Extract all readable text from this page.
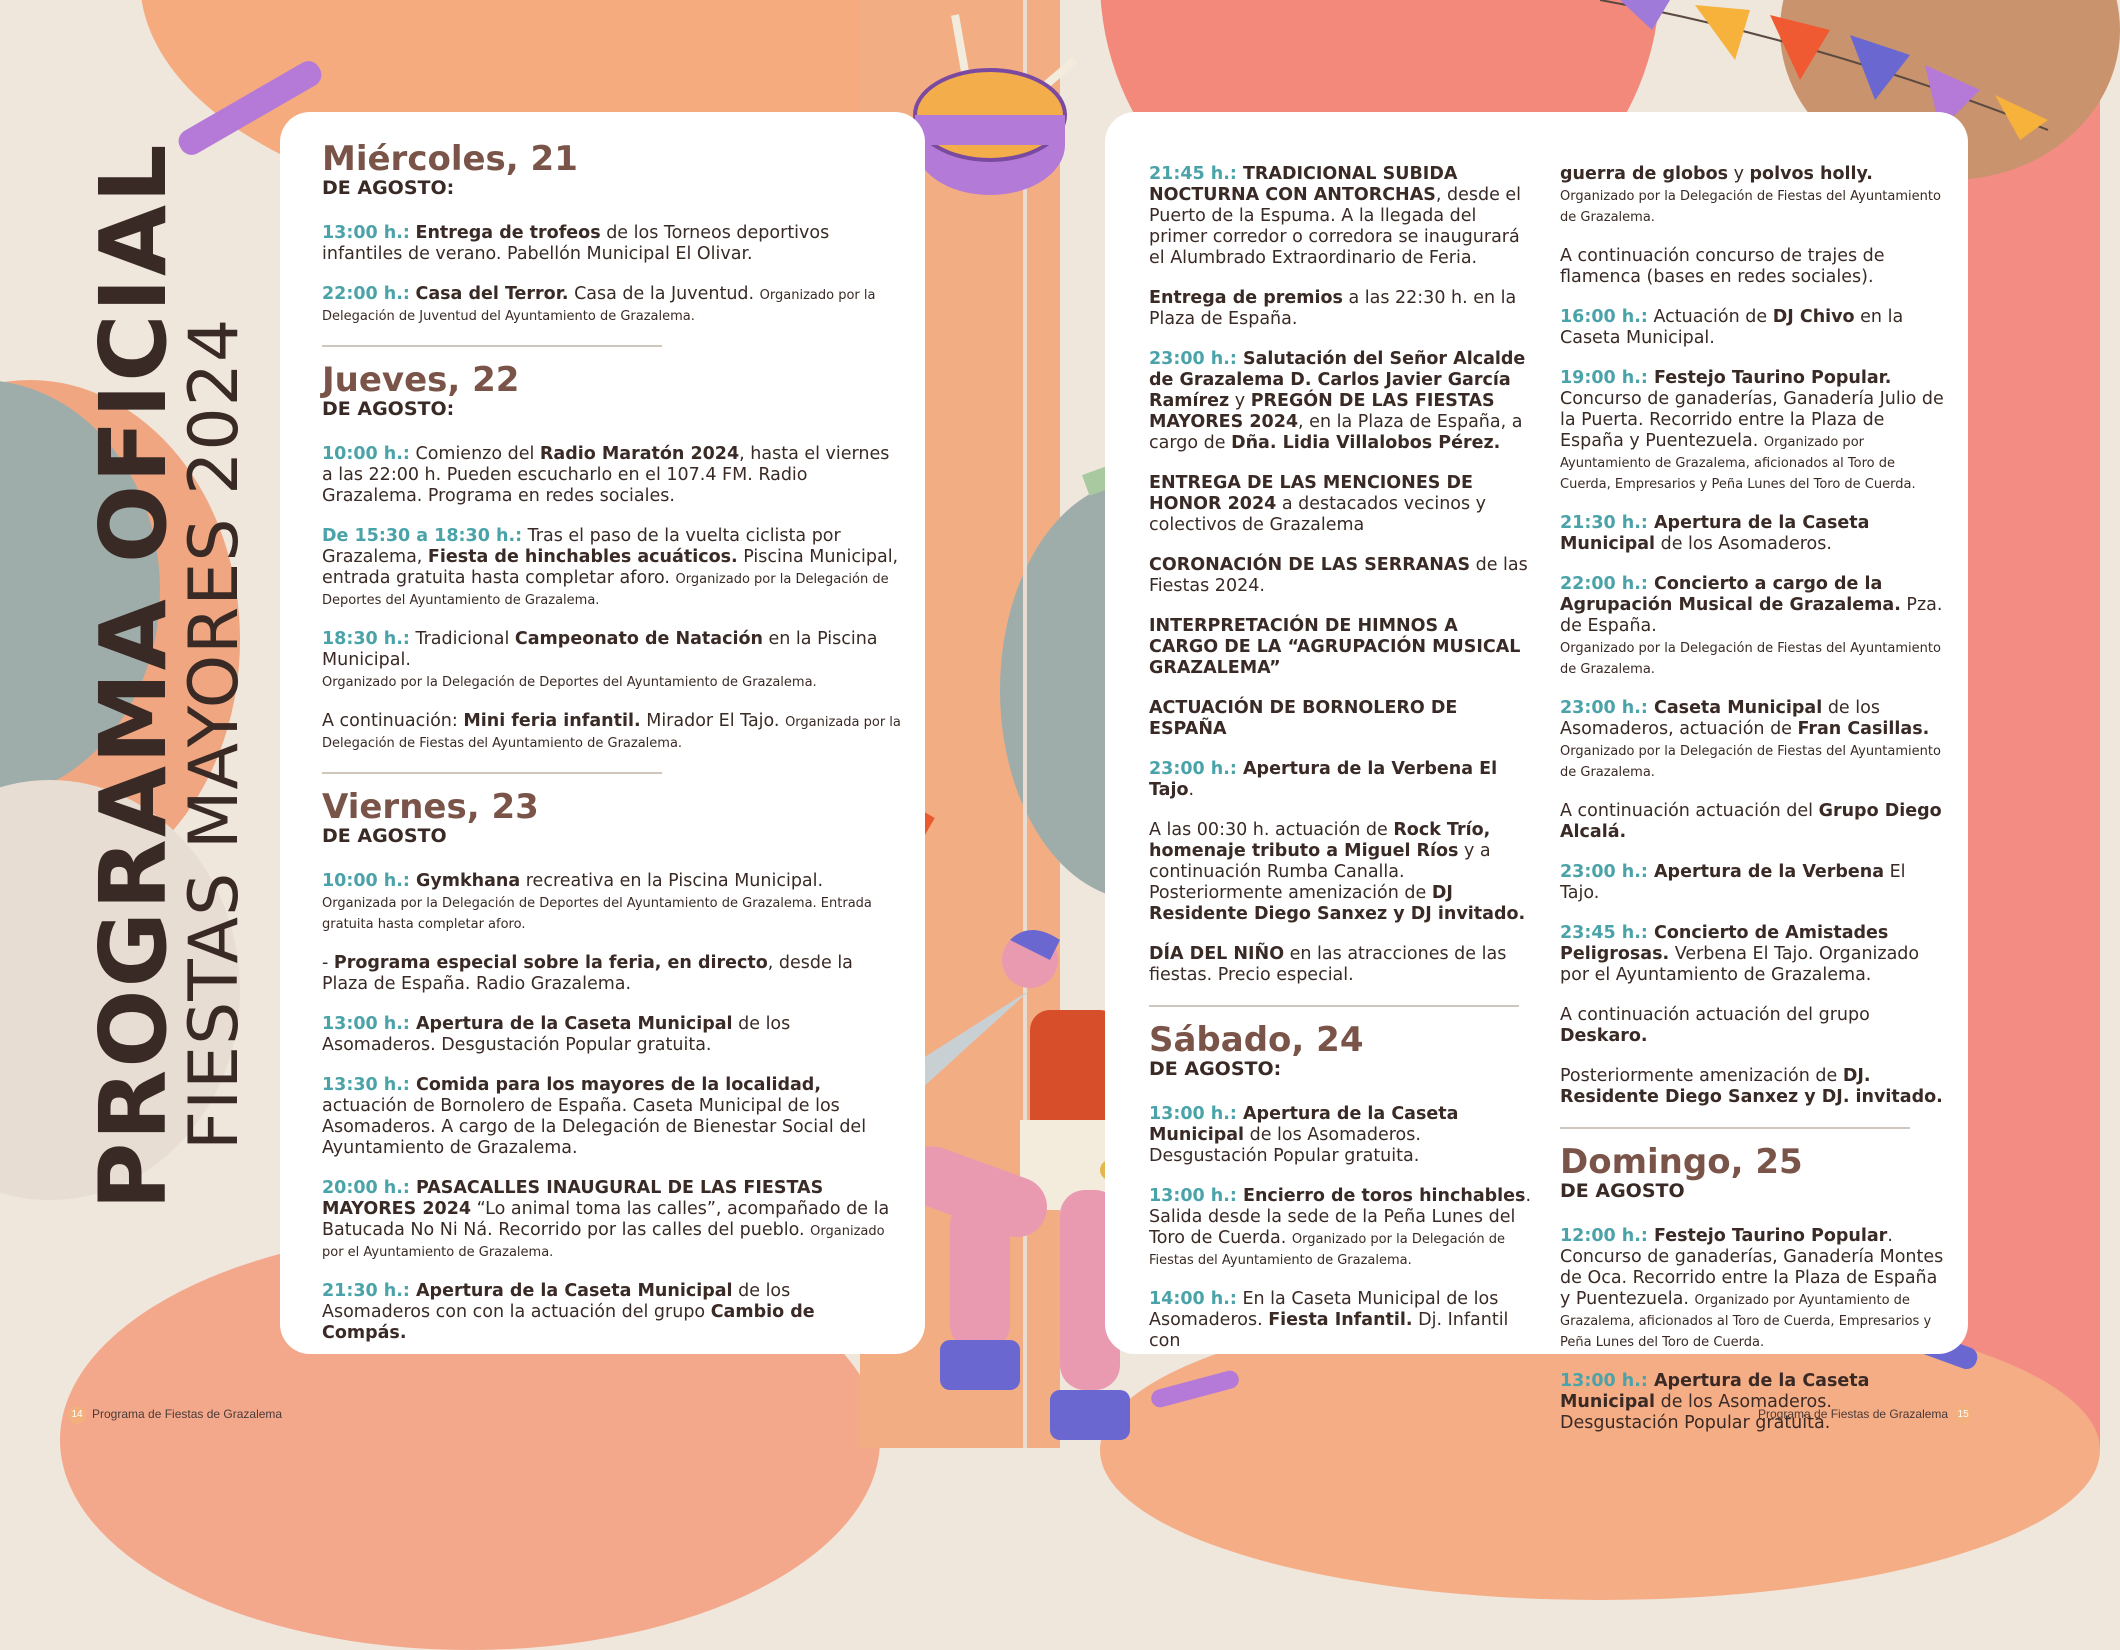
PROGRAMA OFICIAL
FIESTAS MAYORES 2024

Miércoles, 21

DE AGOSTO:

13:00 h.: Entrega de trofeos de los Torneos deportivos infantiles de verano. Pabellón Municipal El Olivar.

22:00 h.: Casa del Terror. Casa de la Juventud. Organizado por la Delegación de Juventud del Ayuntamiento de Grazalema.

Jueves, 22

DE AGOSTO:

10:00 h.: Comienzo del Radio Maratón 2024, hasta el viernes a las 22:00 h. Pueden escucharlo en el 107.4 FM. Radio Grazalema. Programa en redes sociales.

De 15:30 a 18:30 h.: Tras el paso de la vuelta ciclista por Grazalema, Fiesta de hinchables acuáticos. Piscina Municipal, entrada gratuita hasta completar aforo. Organizado por la Delegación de Deportes del Ayuntamiento de Grazalema.

18:30 h.: Tradicional Campeonato de Natación en la Piscina Municipal.
Organizado por la Delegación de Deportes del Ayuntamiento de Grazalema.

A continuación: Mini feria infantil. Mirador El Tajo. Organizada por la Delegación de Fiestas del Ayuntamiento de Grazalema.

Viernes, 23

DE AGOSTO

10:00 h.: Gymkhana recreativa en la Piscina Municipal.
Organizada por la Delegación de Deportes del Ayuntamiento de Grazalema. Entrada gratuita hasta completar aforo.

- Programa especial sobre la feria, en directo, desde la Plaza de España. Radio Grazalema.

13:00 h.: Apertura de la Caseta Municipal de los Asomaderos. Desgustación Popular gratuita.

13:30 h.: Comida para los mayores de la localidad, actuación de Bornolero de España. Caseta Municipal de los Asomaderos. A cargo de la Delegación de Bienestar Social del Ayuntamiento de Grazalema.

20:00 h.: PASACALLES INAUGURAL DE LAS FIESTAS MAYORES 2024 “Lo animal toma las calles”, acompañado de la Batucada No Ni Ná. Recorrido por las calles del pueblo. Organizado por el Ayuntamiento de Grazalema.

21:30 h.: Apertura de la Caseta Municipal de los Asomaderos con con la actuación del grupo Cambio de Compás.

21:45 h.: TRADICIONAL SUBIDA NOCTURNA CON ANTORCHAS, desde el Puerto de la Espuma. A la llegada del primer corredor o corredora se inaugurará el Alumbrado Extraordinario de Feria.

Entrega de premios a las 22:30 h. en la Plaza de España.

23:00 h.: Salutación del Señor Alcalde de Grazalema D. Carlos Javier García Ramírez y PREGÓN DE LAS FIESTAS MAYORES 2024, en la Plaza de España, a cargo de Dña. Lidia Villalobos Pérez.

ENTREGA DE LAS MENCIONES DE HONOR 2024 a destacados vecinos y colectivos de Grazalema

CORONACIÓN DE LAS SERRANAS de las Fiestas 2024.

INTERPRETACIÓN DE HIMNOS A CARGO DE LA “AGRUPACIÓN MUSICAL GRAZALEMA”

ACTUACIÓN DE BORNOLERO DE ESPAÑA

23:00 h.: Apertura de la Verbena El Tajo.

A las 00:30 h. actuación de Rock Trío, homenaje tributo a Miguel Ríos y a continuación Rumba Canalla. Posteriormente amenización de DJ Residente Diego Sanxez y DJ invitado.

DÍA DEL NIÑO en las atracciones de las fiestas. Precio especial.

Sábado, 24

DE AGOSTO:

13:00 h.: Apertura de la Caseta Municipal de los Asomaderos. Desgustación Popular gratuita.

13:00 h.: Encierro de toros hinchables. Salida desde la sede de la Peña Lunes del Toro de Cuerda. Organizado por la Delegación de Fiestas del Ayuntamiento de Grazalema.

14:00 h.: En la Caseta Municipal de los Asomaderos. Fiesta Infantil. Dj. Infantil con

guerra de globos y polvos holly. Organizado por la Delegación de Fiestas del Ayuntamiento de Grazalema.

A continuación concurso de trajes de flamenca (bases en redes sociales).

16:00 h.: Actuación de DJ Chivo en la Caseta Municipal.

19:00 h.: Festejo Taurino Popular. Concurso de ganaderías, Ganadería Julio de la Puerta. Recorrido entre la Plaza de España y Puentezuela. Organizado por Ayuntamiento de Grazalema, aficionados al Toro de Cuerda, Empresarios y Peña Lunes del Toro de Cuerda.

21:30 h.: Apertura de la Caseta Municipal de los Asomaderos.

22:00 h.: Concierto a cargo de la Agrupación Musical de Grazalema. Pza. de España.
Organizado por la Delegación de Fiestas del Ayuntamiento de Grazalema.

23:00 h.: Caseta Municipal de los Asomaderos, actuación de Fran Casillas. Organizado por la Delegación de Fiestas del Ayuntamiento de Grazalema.

A continuación actuación del Grupo Diego Alcalá.

23:00 h.: Apertura de la Verbena El Tajo.

23:45 h.: Concierto de Amistades Peligrosas. Verbena El Tajo. Organizado por el Ayuntamiento de Grazalema.

A continuación actuación del grupo Deskaro.

Posteriormente amenización de DJ. Residente Diego Sanxez y DJ. invitado.

Domingo, 25

DE AGOSTO

12:00 h.: Festejo Taurino Popular. Concurso de ganaderías, Ganadería Montes de Oca. Recorrido entre la Plaza de España y Puentezuela. Organizado por Ayuntamiento de Grazalema, aficionados al Toro de Cuerda, Empresarios y Peña Lunes del Toro de Cuerda.

13:00 h.: Apertura de la Caseta Municipal de los Asomaderos. Desgustación Popular gratuita.

14 Programa de Fiestas de Grazalema	Programa de Fiestas de Grazalema 15
